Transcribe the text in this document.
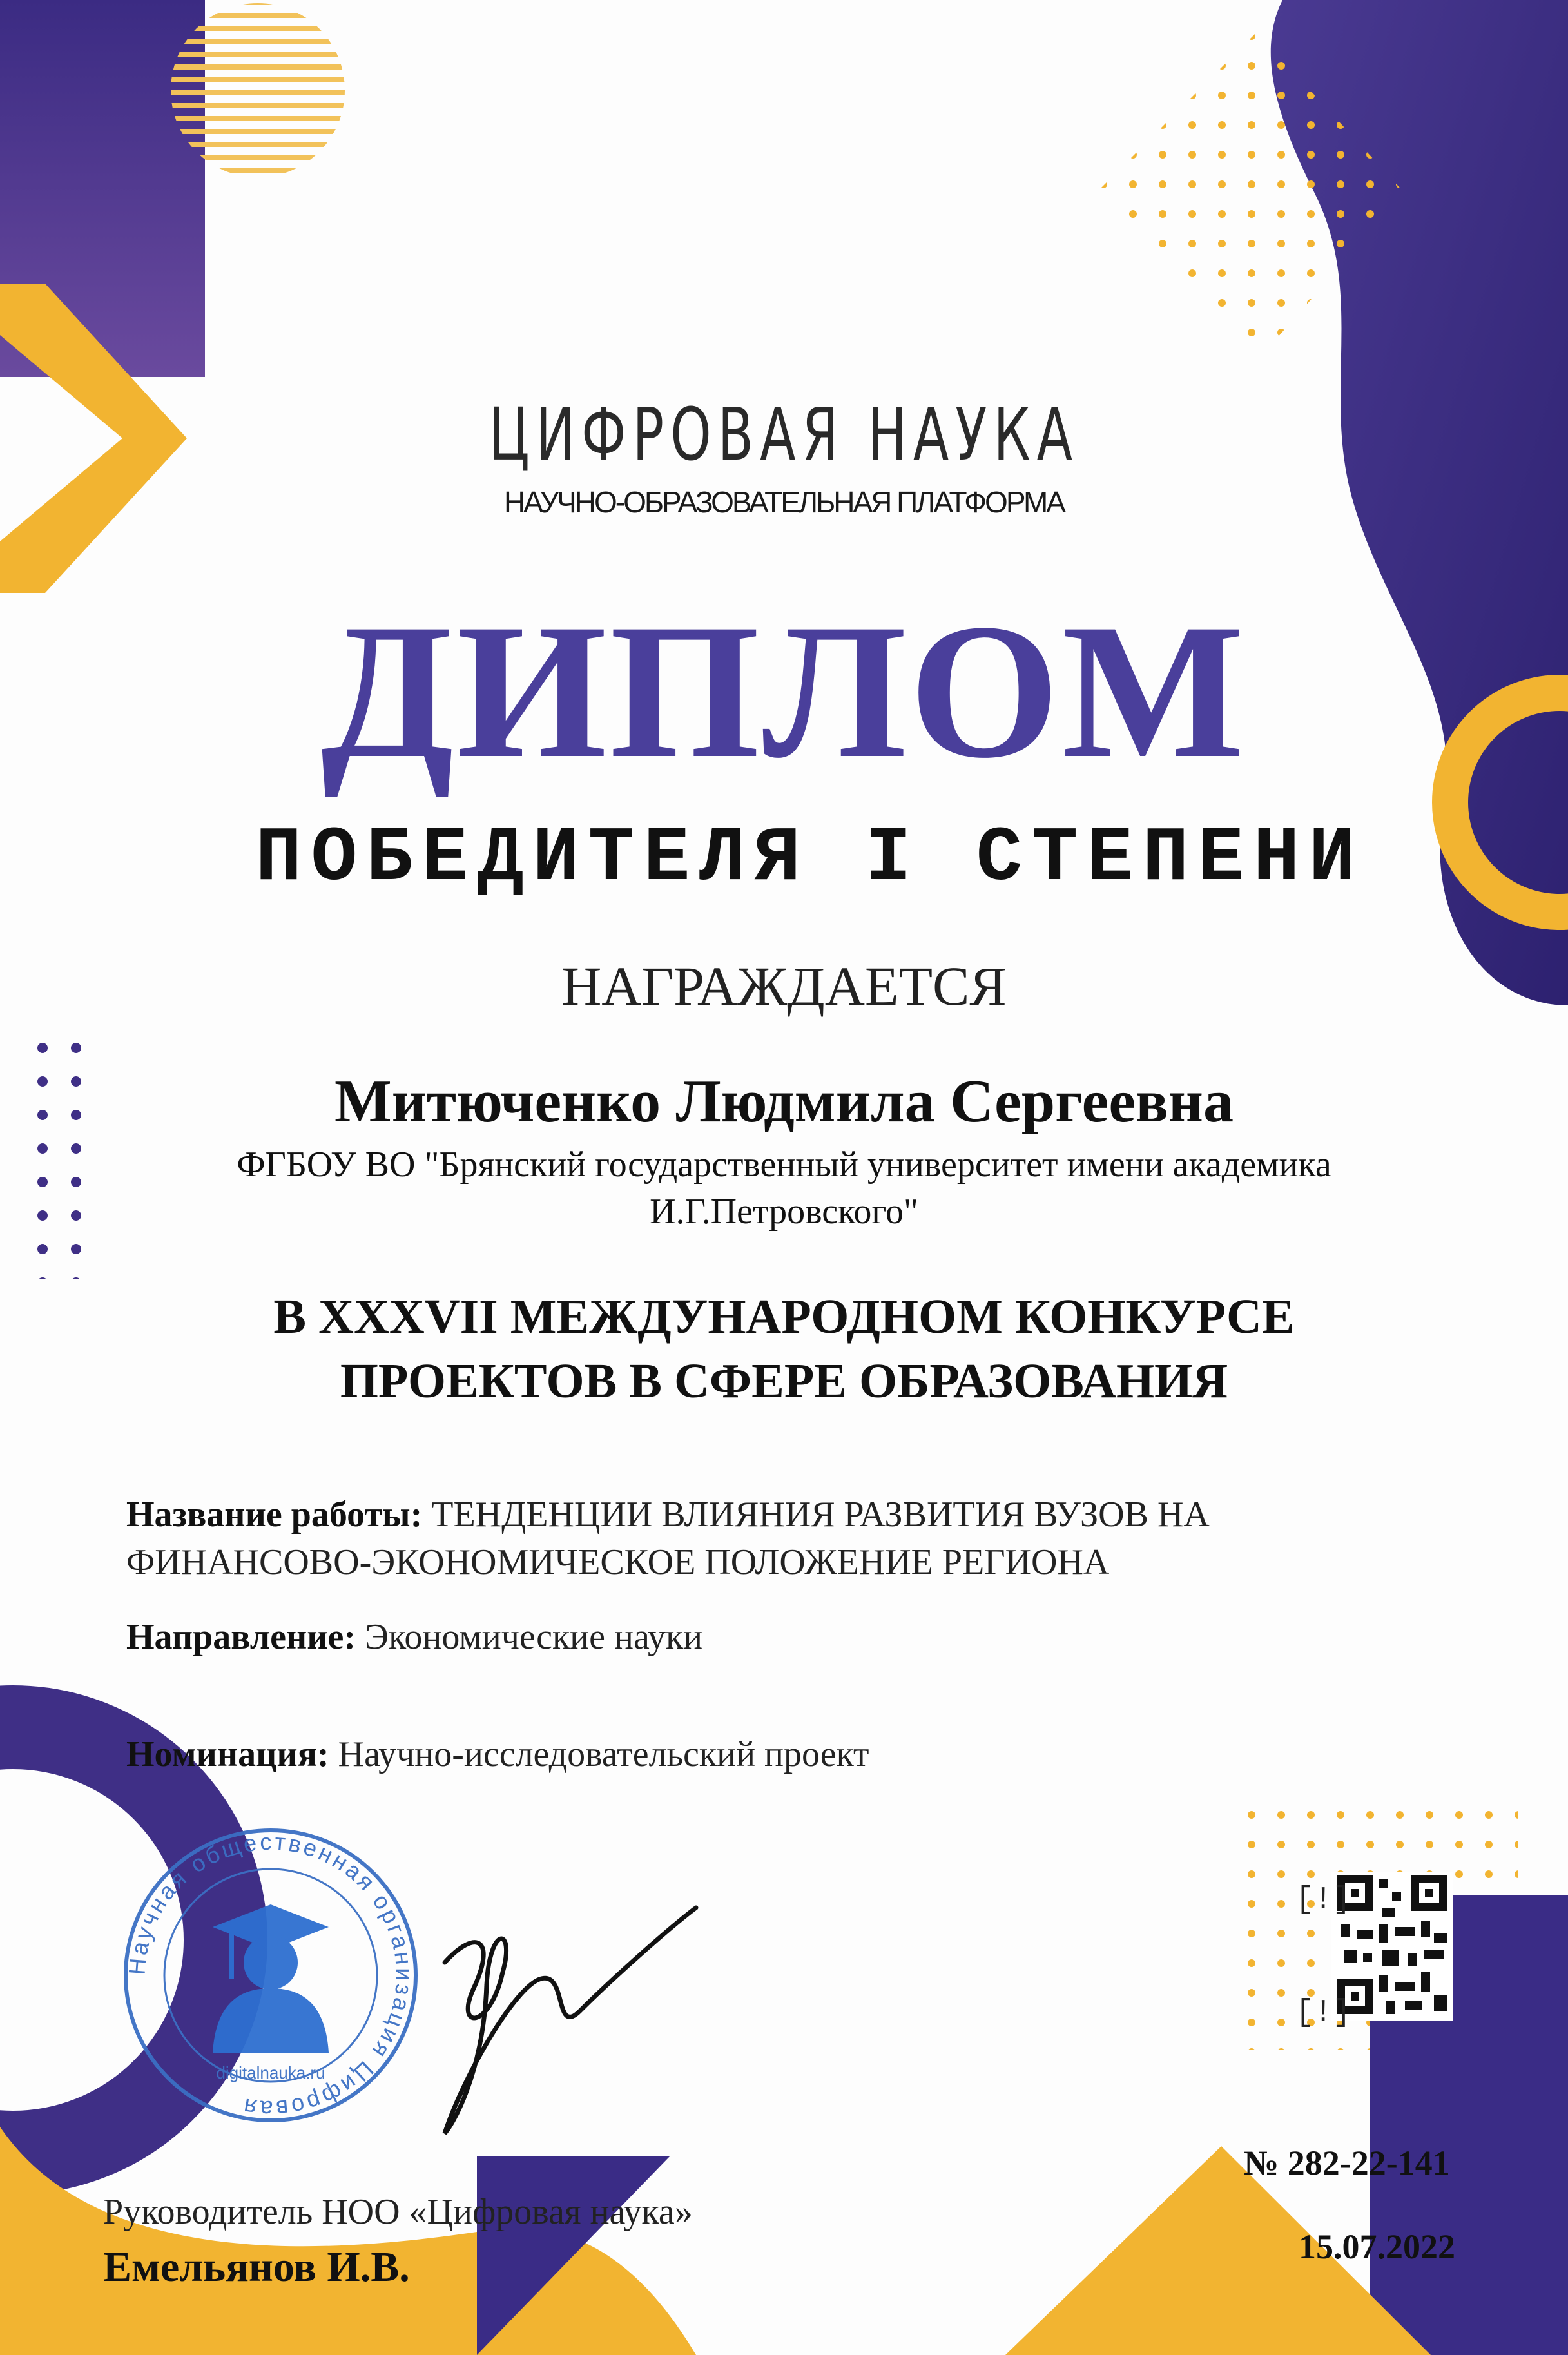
Научная общественная организация Цифровая
digitalnauka.ru
[!]
[!]
ЦИФРОВАЯ НАУКА
НАУЧНО-ОБРАЗОВАТЕЛЬНАЯ ПЛАТФОРМА
ДИПЛОМ
ПОБЕДИТЕЛЯ I СТЕПЕНИ
НАГРАЖДАЕТСЯ
Митюченко Людмила Сергеевна
ФГБОУ ВО "Брянский государственный университет имени академика
И.Г.Петровского"
В XXXVII МЕЖДУНАРОДНОМ КОНКУРСЕ
ПРОЕКТОВ В СФЕРЕ ОБРАЗОВАНИЯ
Название работы: ТЕНДЕНЦИИ ВЛИЯНИЯ РАЗВИТИЯ ВУЗОВ НА
ФИНАНСОВО-ЭКОНОМИЧЕСКОЕ ПОЛОЖЕНИЕ РЕГИОНА
Направление: Экономические науки
Номинация: Научно-исследовательский проект
Руководитель НОО «Цифровая наука»
Емельянов И.В.
№ 282-22-141
15.07.2022
